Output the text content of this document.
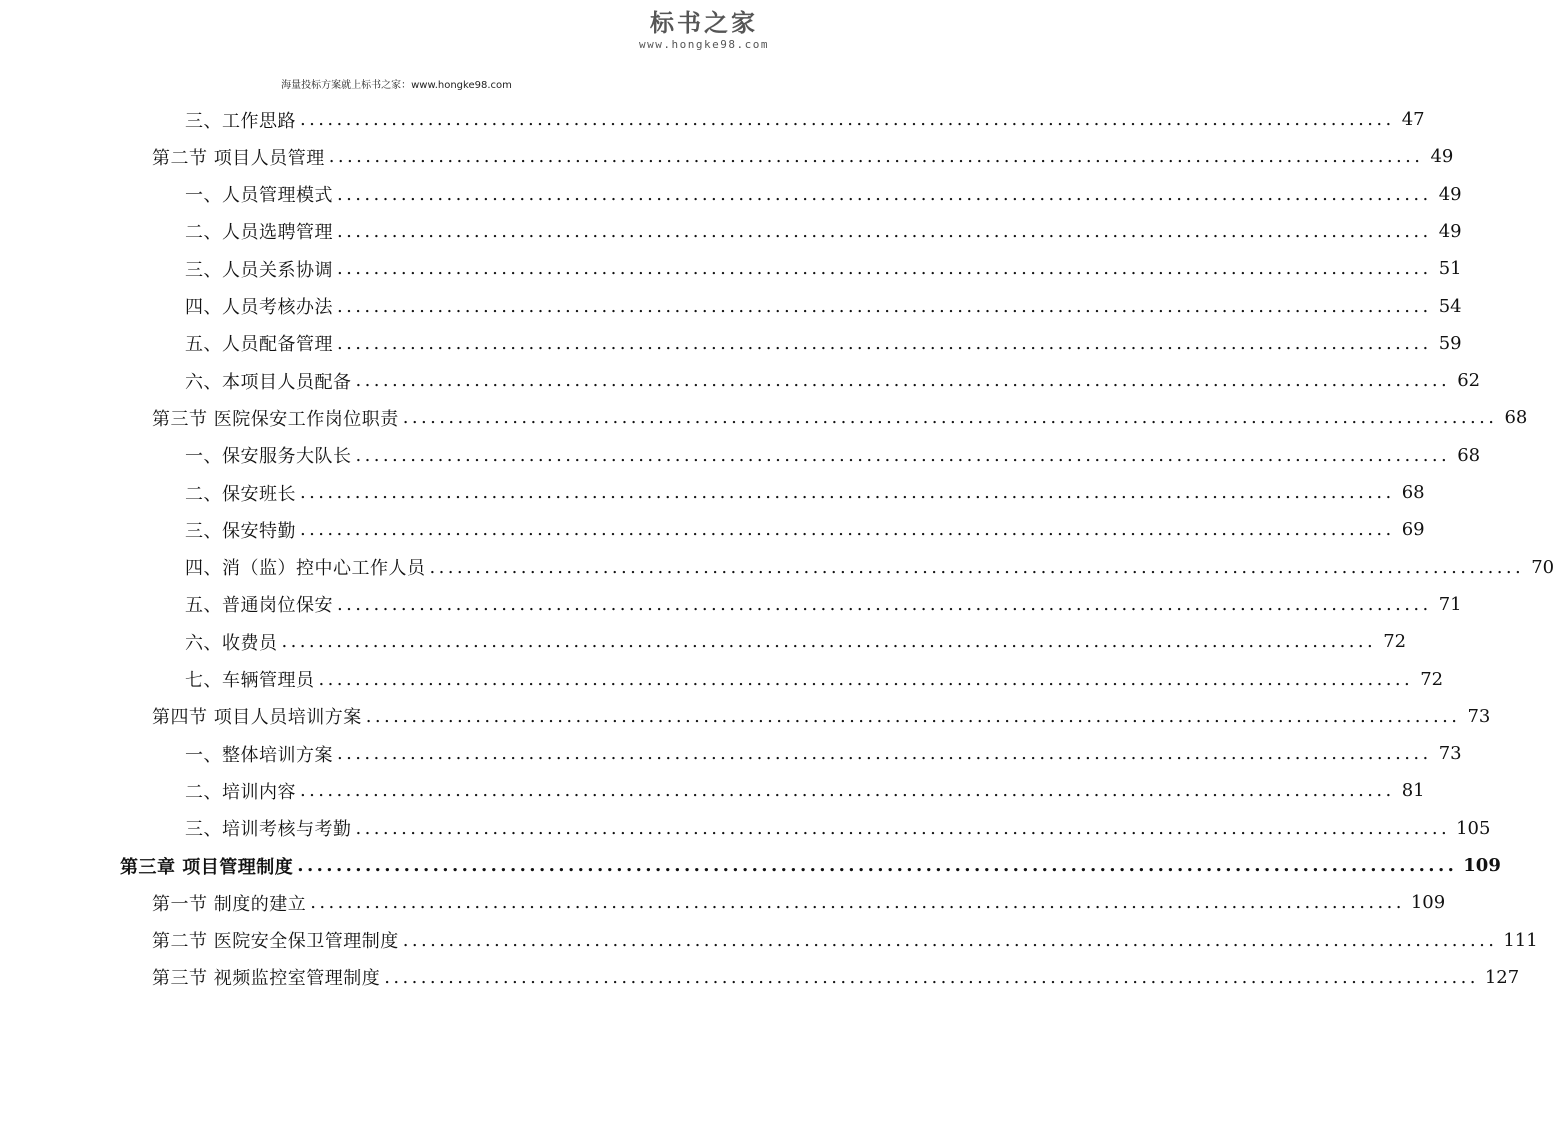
标书之家
www.hongke98.com
海量投标方案就上标书之家：www.hongke98.com
三、工作思路 ........................................................................................................................ 47
第二节 项目人员管理 ........................................................................................................................ 49
一、人员管理模式 ........................................................................................................................ 49
二、人员选聘管理 ........................................................................................................................ 49
三、人员关系协调 ........................................................................................................................ 51
四、人员考核办法 ........................................................................................................................ 54
五、人员配备管理 ........................................................................................................................ 59
六、本项目人员配备 ........................................................................................................................ 62
第三节 医院保安工作岗位职责 ........................................................................................................................ 68
一、保安服务大队长 ........................................................................................................................ 68
二、保安班长 ........................................................................................................................ 68
三、保安特勤 ........................................................................................................................ 69
四、消（监）控中心工作人员 ........................................................................................................................ 70
五、普通岗位保安 ........................................................................................................................ 71
六、收费员 ........................................................................................................................ 72
七、车辆管理员 ........................................................................................................................ 72
第四节 项目人员培训方案 ........................................................................................................................ 73
一、整体培训方案 ........................................................................................................................ 73
二、培训内容 ........................................................................................................................ 81
三、培训考核与考勤 ........................................................................................................................ 105
第三章 项目管理制度 ........................................................................................................................ 109
第一节 制度的建立 ........................................................................................................................ 109
第二节 医院安全保卫管理制度 ........................................................................................................................ 111
第三节 视频监控室管理制度 ........................................................................................................................ 127
